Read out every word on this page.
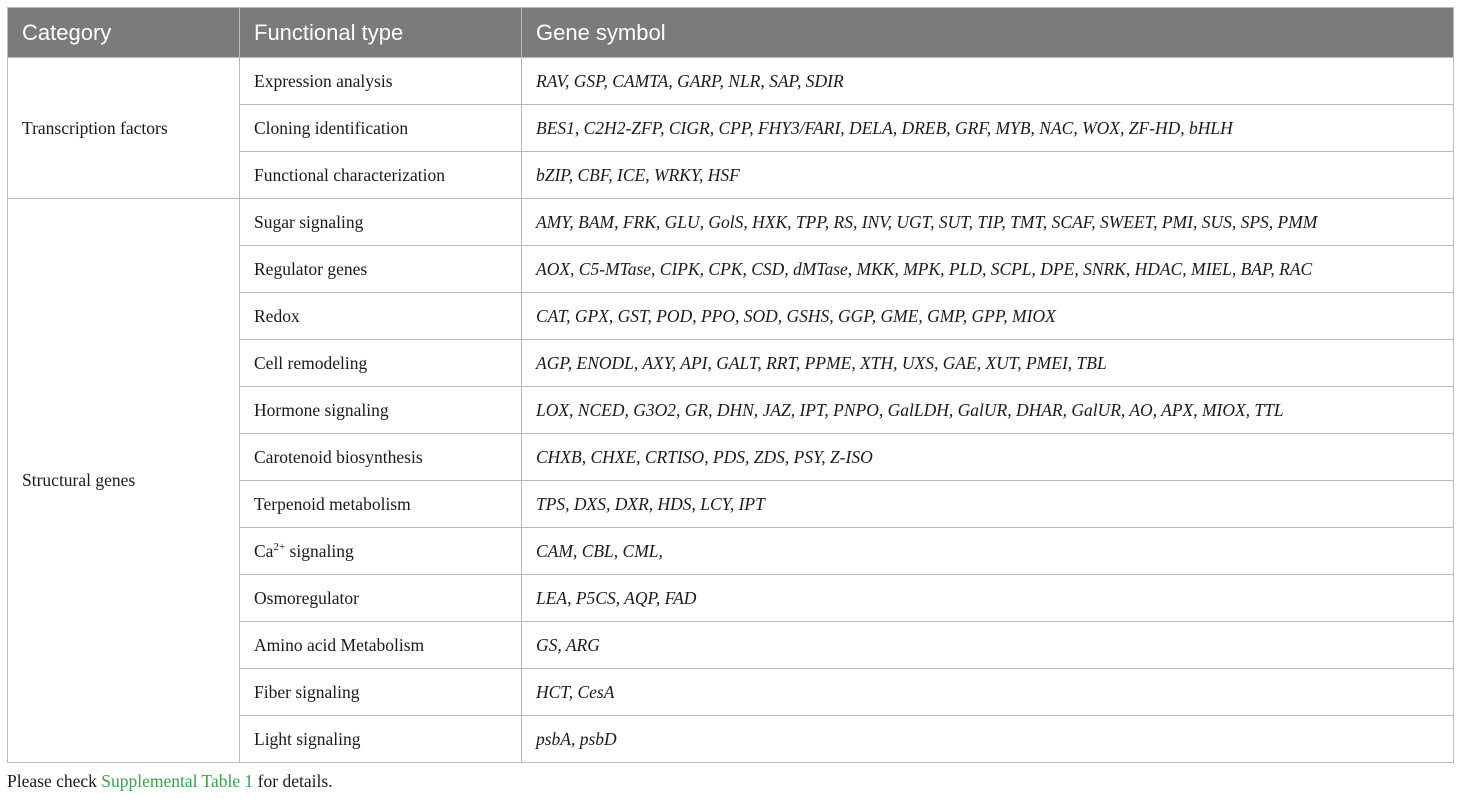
Category	Functional type	Gene symbol
Transcription factors	Expression analysis	RAV, GSP, CAMTA, GARP, NLR, SAP, SDIR
	Cloning identification	BES1, C2H2-ZFP, CIGR, CPP, FHY3/FARI, DELA, DREB, GRF, MYB, NAC, WOX, ZF-HD, bHLH
	Functional characterization	bZIP, CBF, ICE, WRKY, HSF
Structural genes	Sugar signaling	AMY, BAM, FRK, GLU, GolS, HXK, TPP, RS, INV, UGT, SUT, TIP, TMT, SCAF, SWEET, PMI, SUS, SPS, PMM
	Regulator genes	AOX, C5-MTase, CIPK, CPK, CSD, dMTase, MKK, MPK, PLD, SCPL, DPE, SNRK, HDAC, MIEL, BAP, RAC
	Redox	CAT, GPX, GST, POD, PPO, SOD, GSHS, GGP, GME, GMP, GPP, MIOX
	Cell remodeling	AGP, ENODL, AXY, API, GALT, RRT, PPME, XTH, UXS, GAE, XUT, PMEI, TBL
	Hormone signaling	LOX, NCED, G3O2, GR, DHN, JAZ, IPT, PNPO, GalLDH, GalUR, DHAR, GalUR, AO, APX, MIOX, TTL
	Carotenoid biosynthesis	CHXB, CHXE, CRTISO, PDS, ZDS, PSY, Z-ISO
	Terpenoid metabolism	TPS, DXS, DXR, HDS, LCY, IPT
	$Ca^{2+}$ signaling	CAM, CBL, CML,
	Osmoregulator	LEA, P5CS, AQP, FAD
	Amino acid Metabolism	GS, ARG
	Fiber signaling	HCT, CesA
	Light signaling	psbA, psbD
Please check Supplemental Table 1 for details.
